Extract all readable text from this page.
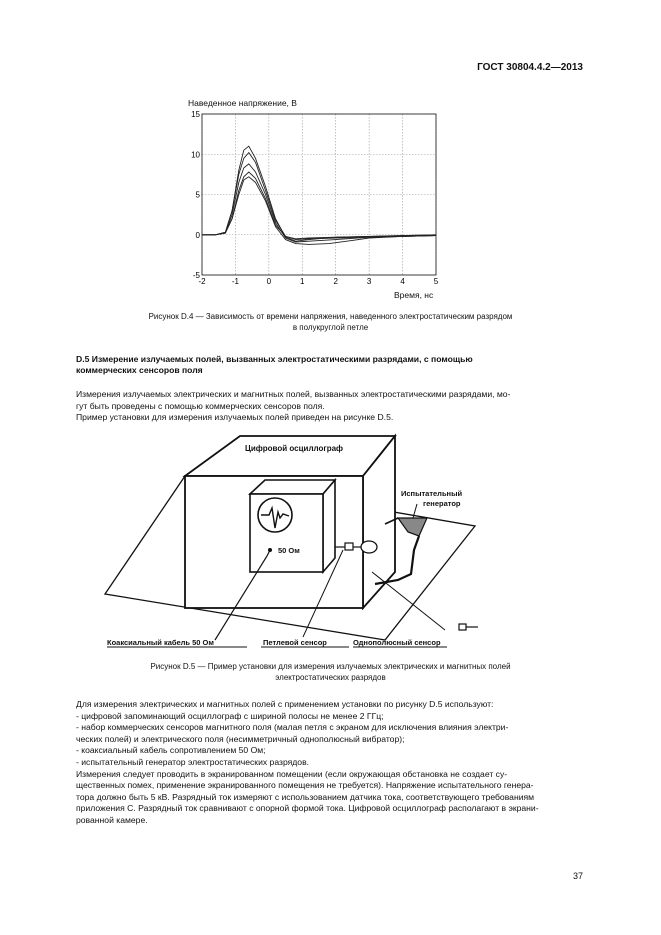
ГОСТ 30804.4.2—2013
Наведенное напряжение, В
-2	-1	0	1	2	3	4	5
15
10
5
0
-5
Время, нс
Рисунок D.4 — Зависимость от времени напряжения, наведенного электростатическим разрядом
в полукруглой петле
D.5 Измерение излучаемых полей, вызванных электростатическими разрядами, с помощью
коммерческих сенсоров поля
Измерения излучаемых электрических и магнитных полей, вызванных электростатическими разрядами, мо-
гут быть проведены с помощью коммерческих сенсоров поля.
Пример установки для измерения излучаемых полей приведен на рисунке D.5.
50 Ом
Цифровой осциллограф
Испытательный
генератор
Коаксиальный кабель 50 Ом	Петлевой сенсор	Однополюсный сенсор
Рисунок D.5 — Пример установки для измерения излучаемых электрических и магнитных полей
электростатических разрядов
Для измерения электрических и магнитных полей с применением установки по рисунку D.5 используют:
- цифровой запоминающий осциллограф с шириной полосы не менее 2 ГГц;
- набор коммерческих сенсоров магнитного поля (малая петля с экраном для исключения влияния электри-
ческих полей) и электрического поля (несимметричный однополюсный вибратор);
- коаксиальный кабель сопротивлением 50 Ом;
- испытательный генератор электростатических разрядов.
Измерения следует проводить в экранированном помещении (если окружающая обстановка не создает су-
щественных помех, применение экранированного помещения не требуется). Напряжение испытательного генера-
тора должно быть 5 кВ. Разрядный ток измеряют с использованием датчика тока, соответствующего требованиям
приложения С. Разрядный ток сравнивают с опорной формой тока. Цифровой осциллограф располагают в экрани-
рованной камере.
37
